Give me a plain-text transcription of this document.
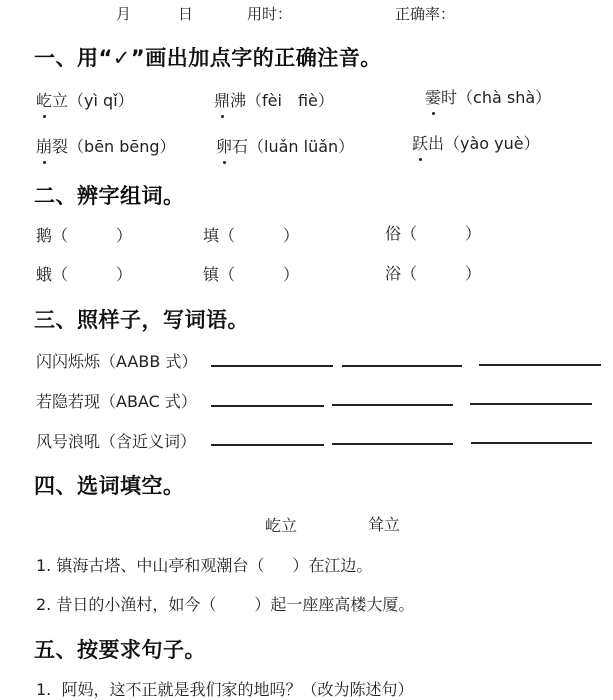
月	日	用时：	正确率：
一、用“✓”画出加点字的正确注音。
屹立（yì qǐ）	鼎沸（fèi　fiè）	霎时（chà shà）
崩裂（bēn bēng）	卵石（luǎn lüǎn）	跃出（yào yuè）
二、辨字组词。
鹅（　　　）	填（　　　）	俗（　　　）
蛾（　　　）	镇（　　　）	浴（　　　）
三、照样子，写词语。
闪闪烁烁（AABB 式）
若隐若现（ABAC 式）
风号浪吼（含近义词）
四、选词填空。
屹立	耸立
1. 镇海古塔、中山亭和观潮台（ ）在江边。
2. 昔日的小渔村，如今（ ）起一座座高楼大厦。
五、按要求句子。
1. 阿妈，这不正就是我们家的地吗？（改为陈述句）
